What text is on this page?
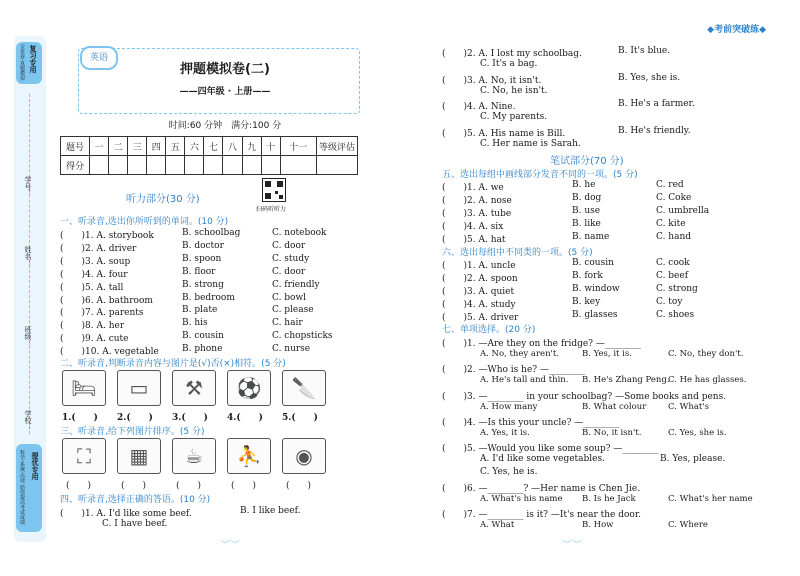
◆考前突破练◆
复习专用
全优卷·真题模拟
学号：
姓名：
班级：
学校：
提优专用
科学·系统·高效 助你提高考试成绩
英语
押题模拟卷(二)
——四年级 · 上册——
时间:60 分钟　满分:100 分
题号	一	二	三	四	五	六	七	八	九	十	十一	等级评估
得分												
听力部分(30 分)
扫码听听力
一、听录音,选出你所听到的单词。(10 分)
二、听录音,判断录音内容与图片是(√)否(×)相符。(5 分)
三、听录音,给下列图片排序。(5 分)
四、听录音,选择正确的答语。(10 分)
(　　)1. A. I'd like some beef.	B. I like beef.
C. I have beef.
︶︶
笔试部分(70 分)
五、选出每组中画线部分发音不同的一项。(5 分)
六、选出每组中不同类的一项。(5 分)
七、单项选择。(20 分)
︶︶
(　　)1. A. storybook	B. schoolbag	C. notebook
(　　)2. A. driver	B. doctor	C. door
(　　)3. A. soup	B. spoon	C. study
(　　)4. A. four	B. floor	C. door
(　　)5. A. tall	B. strong	C. friendly
(　　)6. A. bathroom	B. bedroom	C. bowl
(　　)7. A. parents	B. plate	C. please
(　　)8. A. her	B. his	C. hair
(　　)9. A. cute	B. cousin	C. chopsticks
(　　)10. A. vegetable	B. phone	C. nurse
🛏
1.(　　)
▭
2.(　　)
⚒
3.(　　)
⚽
4.(　　)
🔪
5.(　　)
⛶
(　　)
▦
(　　)
☕
(　　)
⛹
(　　)
◉
(　　)
(　　)2. A. I lost my schoolbag.	B. It's blue.
C. It's a bag.
(　　)3. A. No, it isn't.	B. Yes, she is.
C. No, he isn't.
(　　)4. A. Nine.	B. He's a farmer.
C. My parents.
(　　)5. A. His name is Bill.	B. He's friendly.
C. Her name is Sarah.
(　　)1. A. we	B. he	C. red
(　　)2. A. nose	B. dog	C. Coke
(　　)3. A. tube	B. use	C. umbrella
(　　)4. A. six	B. like	C. kite
(　　)5. A. hat	B. name	C. hand
(　　)1. A. uncle	B. cousin	C. cook
(　　)2. A. spoon	B. fork	C. beef
(　　)3. A. quiet	B. window	C. strong
(　　)4. A. study	B. key	C. toy
(　　)5. A. driver	B. glasses	C. shoes
(　　)1. —Are they on the fridge? —________
A. No, they aren't.	B. Yes, it is.	C. No, they don't.
(　　)2. —Who is he? —________
A. He's tall and thin. B. He's Zhang Peng.
C. He has glasses.
(　　)3. —________ in your schoolbag? —Some books and pens.
A. How many	B. What colour	C. What's
(　　)4. —Is this your uncle? —________
A. Yes, it is.	B. No, it isn't.	C. Yes, she is.
(　　)5. —Would you like some soup? —________
A. I'd like some vegetables.	B. Yes, please.
C. Yes, he is.
(　　)6. —________? —Her name is Chen Jie.
A. What's his name B. Is he Jack	C. What's her name
(　　)7. —________ is it? —It's near the door.
A. What	B. How	C. Where
